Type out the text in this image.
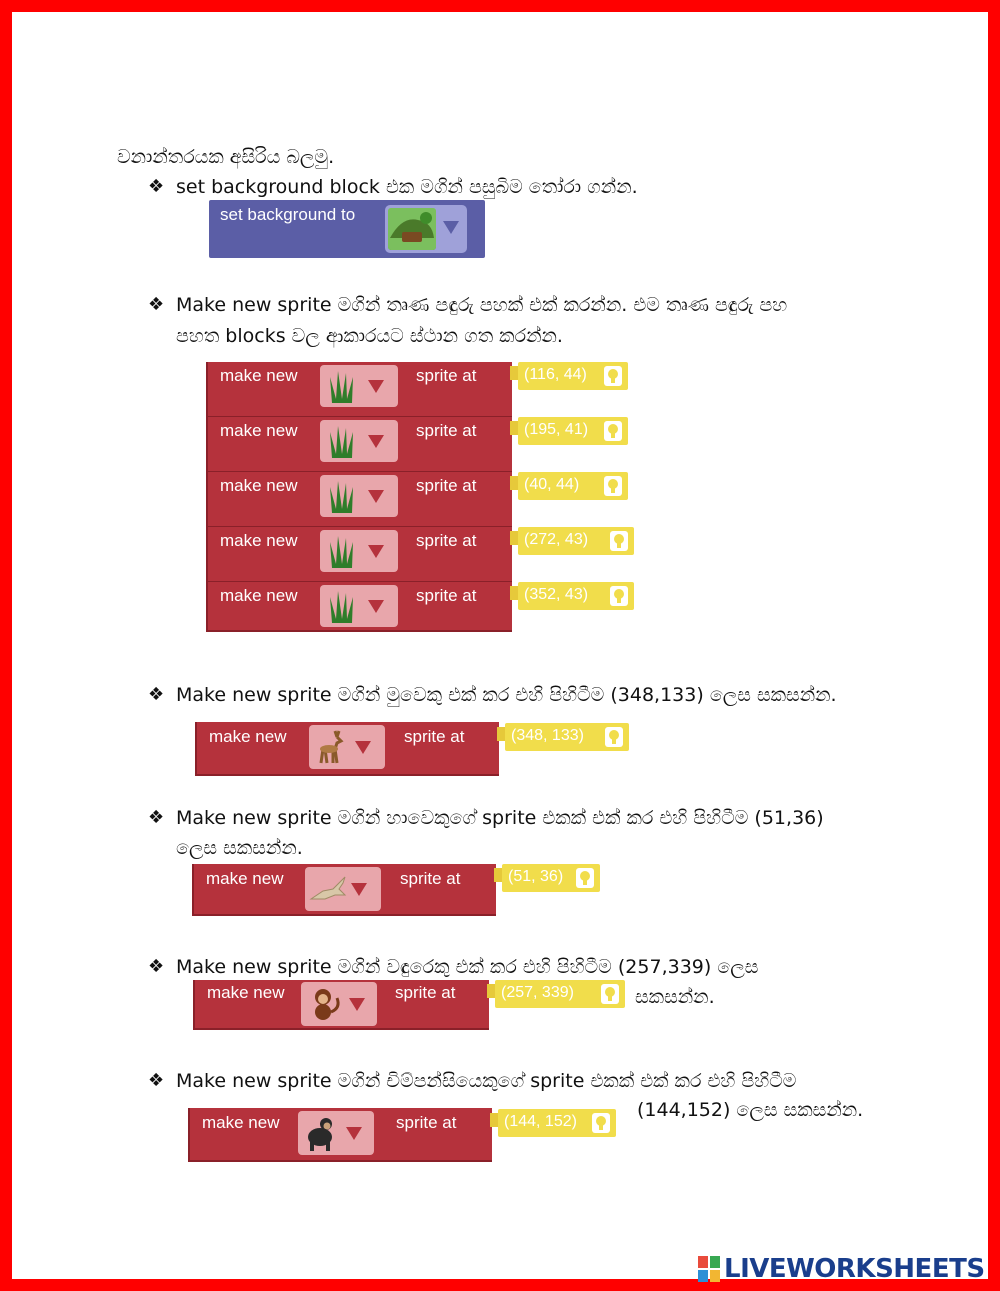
වනාන්තරයක අසිරිය බලමු.
❖ set background block එක මගින් පසුබිම තෝරා ගන්න.
set background to
❖ Make new sprite මගින් තෘණ පඳුරු පහක් එක් කරන්න. එම තෘණ පඳුරු පහ
පහත blocks වල ආකාරයට ස්ථාන ගත කරන්න.
make new	sprite at	(116, 44)
make new	sprite at	(195, 41)
make new	sprite at	(40, 44)
make new	sprite at	(272, 43)
make new	sprite at	(352, 43)
❖ Make new sprite මගින් මුවෙකු එක් කර එහි පිහිටීම (348,133) ලෙස සකසන්න.
make new	sprite at	(348, 133)
❖ Make new sprite මගින් හාවෙකුගේ sprite එකක් එක් කර එහි පිහිටීම (51,36)
ලෙස සකසන්න.
make new	sprite at	(51, 36)
❖ Make new sprite මගින් වඳුරෙකු එක් කර එහි පිහිටීම (257,339) ලෙස
make new	sprite at	(257, 339)	සකසන්න.
❖ Make new sprite මගින් චිම්පන්සියෙකුගේ sprite එකක් එක් කර එහි පිහිටීම
make new	sprite at	(144, 152)
(144,152) ලෙස සකසන්න.
LIVEWORKSHEETS
